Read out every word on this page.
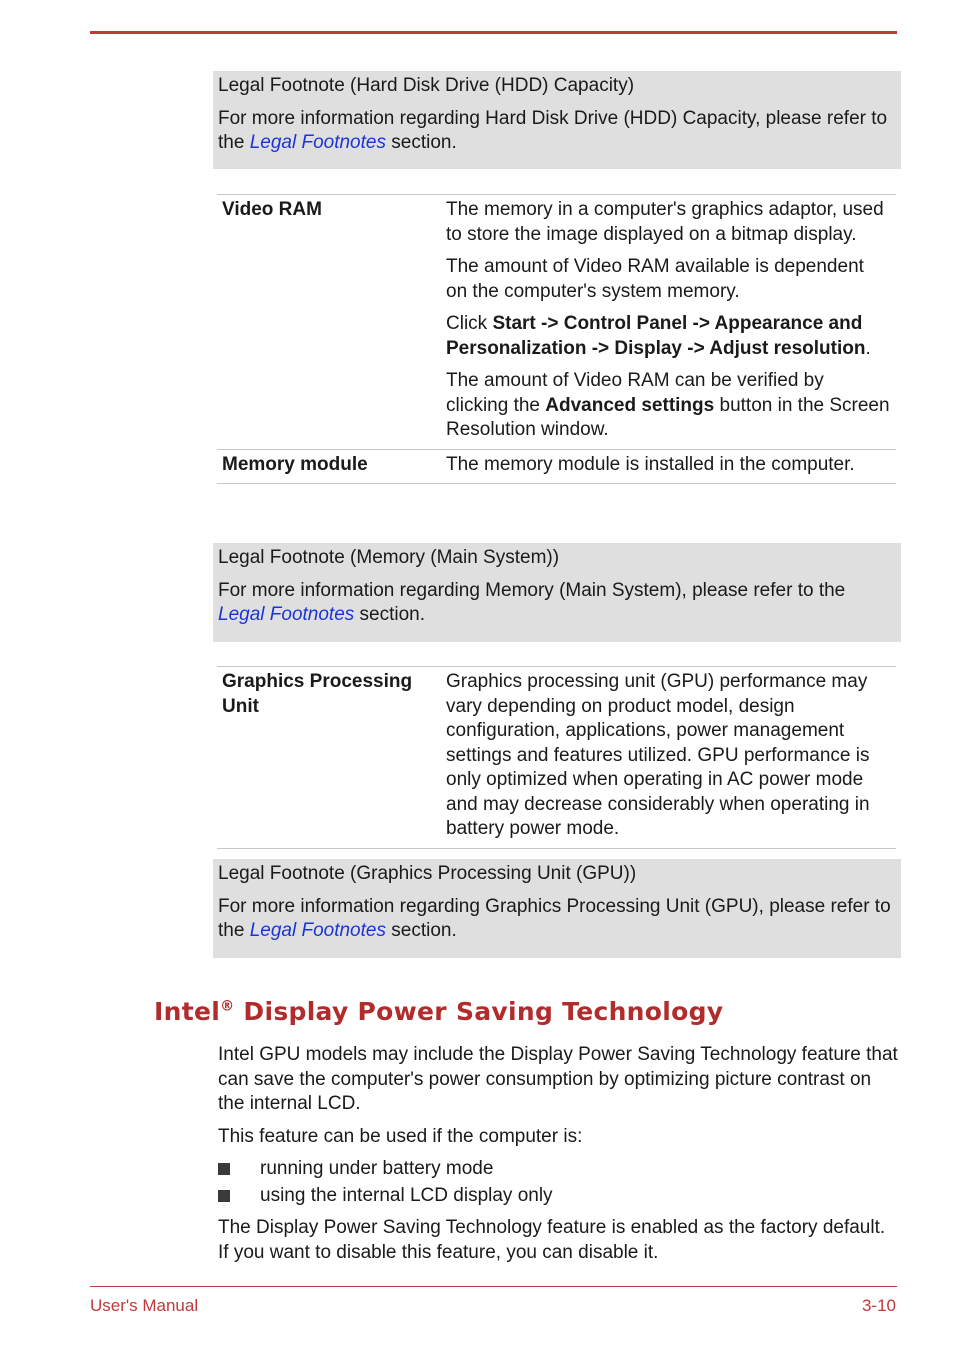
Legal Footnote (Hard Disk Drive (HDD) Capacity)

For more information regarding Hard Disk Drive (HDD) Capacity, please refer to the Legal Footnotes section.

Video RAM	The memory in a computer's graphics adaptor, used to store the image displayed on a bitmap display.

The amount of Video RAM available is dependent on the computer's system memory.

Click Start -> Control Panel -> Appearance and Personalization -> Display -> Adjust resolution.

The amount of Video RAM can be verified by clicking the Advanced settings button in the Screen Resolution window.

Memory module	The memory module is installed in the computer.

Legal Footnote (Memory (Main System))

For more information regarding Memory (Main System), please refer to the Legal Footnotes section.

Graphics Processing Unit	Graphics processing unit (GPU) performance may vary depending on product model, design configuration, applications, power management settings and features utilized. GPU performance is only optimized when operating in AC power mode and may decrease considerably when operating in battery power mode.

Legal Footnote (Graphics Processing Unit (GPU))

For more information regarding Graphics Processing Unit (GPU), please refer to the Legal Footnotes section.

Intel® Display Power Saving Technology

Intel GPU models may include the Display Power Saving Technology feature that can save the computer's power consumption by optimizing picture contrast on the internal LCD.

This feature can be used if the computer is:

running under battery mode
using the internal LCD display only

The Display Power Saving Technology feature is enabled as the factory default. If you want to disable this feature, you can disable it.

User's Manual	3-10
